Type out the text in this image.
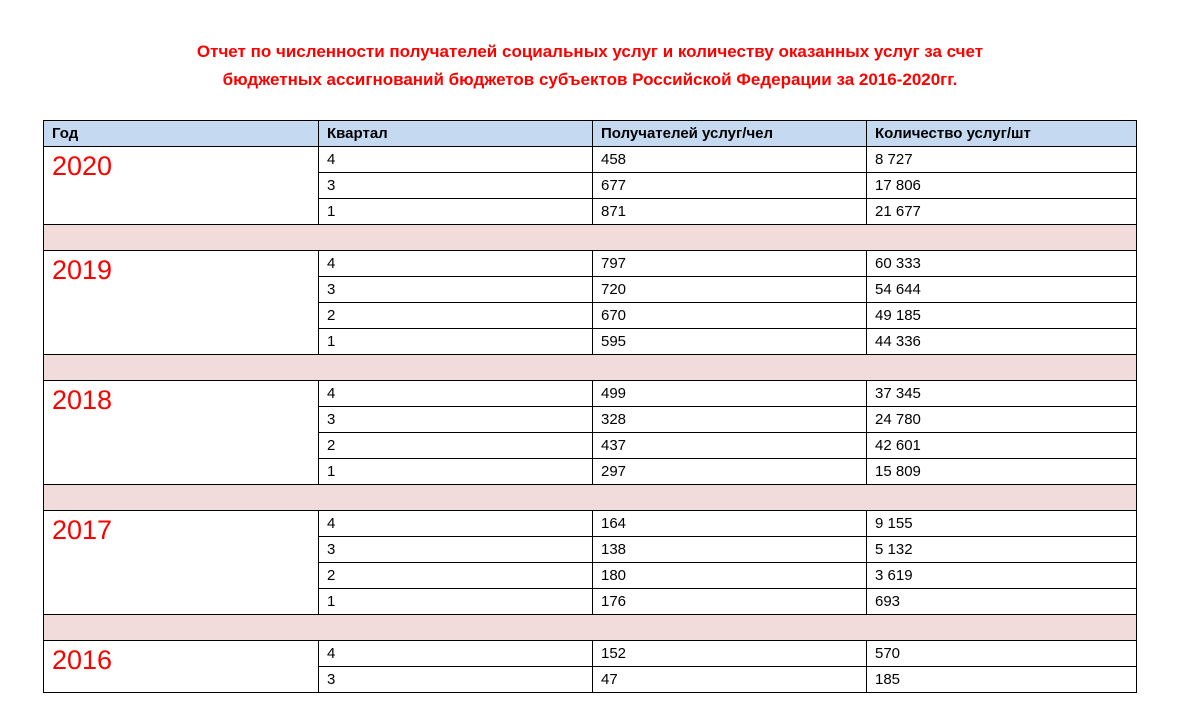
Отчет по численности получателей социальных услуг и количеству оказанных услуг за счет
бюджетных ассигнований бюджетов субъектов Российской Федерации за 2016-2020гг.
Год	Квартал	Получателей услуг/чел	Количество услуг/шт
2020	4	458	8 727
	3	677	17 806
	1	871	21 677

2019	4	797	60 333
	3	720	54 644
	2	670	49 185
	1	595	44 336

2018	4	499	37 345
	3	328	24 780
	2	437	42 601
	1	297	15 809

2017	4	164	9 155
	3	138	5 132
	2	180	3 619
	1	176	693

2016	4	152	570
	3	47	185
